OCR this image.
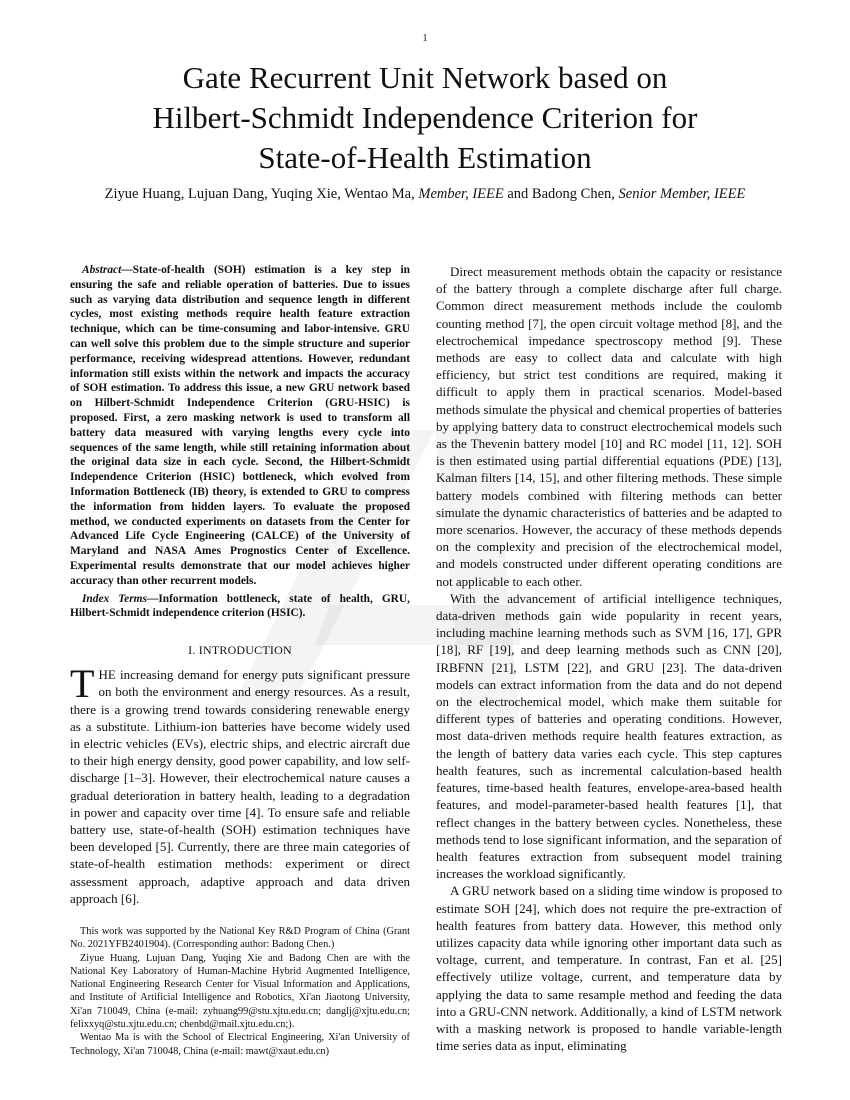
1
Gate Recurrent Unit Network based on
Hilbert-Schmidt Independence Criterion for
State-of-Health Estimation
Ziyue Huang, Lujuan Dang, Yuqing Xie, Wentao Ma, Member, IEEE and Badong Chen, Senior Member, IEEE

Abstract—State-of-health (SOH) estimation is a key step in ensuring the safe and reliable operation of batteries. Due to issues such as varying data distribution and sequence length in different cycles, most existing methods require health feature extraction technique, which can be time-consuming and labor-intensive. GRU can well solve this problem due to the simple structure and superior performance, receiving widespread attentions. However, redundant information still exists within the network and impacts the accuracy of SOH estimation. To address this issue, a new GRU network based on Hilbert-Schmidt Independence Criterion (GRU-HSIC) is proposed. First, a zero masking network is used to transform all battery data measured with varying lengths every cycle into sequences of the same length, while still retaining information about the original data size in each cycle. Second, the Hilbert-Schmidt Independence Criterion (HSIC) bottleneck, which evolved from Information Bottleneck (IB) theory, is extended to GRU to compress the information from hidden layers. To evaluate the proposed method, we conducted experiments on datasets from the Center for Advanced Life Cycle Engineering (CALCE) of the University of Maryland and NASA Ames Prognostics Center of Excellence. Experimental results demonstrate that our model achieves higher accuracy than other recurrent models.

Index Terms—Information bottleneck, state of health, GRU, Hilbert-Schmidt independence criterion (HSIC).

I. INTRODUCTION

THE increasing demand for energy puts significant pressure on both the environment and energy resources. As a result, there is a growing trend towards considering renewable energy as a substitute. Lithium-ion batteries have become widely used in electric vehicles (EVs), electric ships, and electric aircraft due to their high energy density, good power capability, and low self-discharge [1–3]. However, their electrochemical nature causes a gradual deterioration in battery health, leading to a degradation in power and capacity over time [4]. To ensure safe and reliable battery use, state-of-health (SOH) estimation techniques have been developed [5]. Currently, there are three main categories of state-of-health estimation methods: experiment or direct assessment approach, adaptive approach and data driven approach [6].

This work was supported by the National Key R&D Program of China (Grant No. 2021YFB2401904). (Corresponding author: Badong Chen.)

Ziyue Huang, Lujuan Dang, Yuqing Xie and Badong Chen are with the National Key Laboratory of Human-Machine Hybrid Augmented Intelligence, National Engineering Research Center for Visual Information and Applications, and Institute of Artificial Intelligence and Robotics, Xi'an Jiaotong University, Xi'an 710049, China (e-mail: zyhuang99@stu.xjtu.edu.cn; danglj@xjtu.edu.cn; felixxyq@stu.xjtu.edu.cn; chenbd@mail.xjtu.edu.cn;).

Wentao Ma is with the School of Electrical Engineering, Xi'an University of Technology, Xi'an 710048, China (e-mail: mawt@xaut.edu.cn)

Direct measurement methods obtain the capacity or resistance of the battery through a complete discharge after full charge. Common direct measurement methods include the coulomb counting method [7], the open circuit voltage method [8], and the electrochemical impedance spectroscopy method [9]. These methods are easy to collect data and calculate with high efficiency, but strict test conditions are required, making it difficult to apply them in practical scenarios. Model-based methods simulate the physical and chemical properties of batteries by applying battery data to construct electrochemical models such as the Thevenin battery model [10] and RC model [11, 12]. SOH is then estimated using partial differential equations (PDE) [13], Kalman filters [14, 15], and other filtering methods. These simple battery models combined with filtering methods can better simulate the dynamic characteristics of batteries and be adapted to more scenarios. However, the accuracy of these methods depends on the complexity and precision of the electrochemical model, and models constructed under different operating conditions are not applicable to each other.

With the advancement of artificial intelligence techniques, data-driven methods gain wide popularity in recent years, including machine learning methods such as SVM [16, 17], GPR [18], RF [19], and deep learning methods such as CNN [20], IRBFNN [21], LSTM [22], and GRU [23]. The data-driven models can extract information from the data and do not depend on the electrochemical model, which make them suitable for different types of batteries and operating conditions. However, most data-driven methods require health features extraction, as the length of battery data varies each cycle. This step captures health features, such as incremental calculation-based health features, time-based health features, envelope-area-based health features, and model-parameter-based health features [1], that reflect changes in the battery between cycles. Nonetheless, these methods tend to lose significant information, and the separation of health features extraction from subsequent model training increases the workload significantly.

A GRU network based on a sliding time window is proposed to estimate SOH [24], which does not require the pre-extraction of health features from battery data. However, this method only utilizes capacity data while ignoring other important data such as voltage, current, and temperature. In contrast, Fan et al. [25] effectively utilize voltage, current, and temperature data by applying the data to same resample method and feeding the data into a GRU-CNN network. Additionally, a kind of LSTM network with a masking network is proposed to handle variable-length time series data as input, eliminating
